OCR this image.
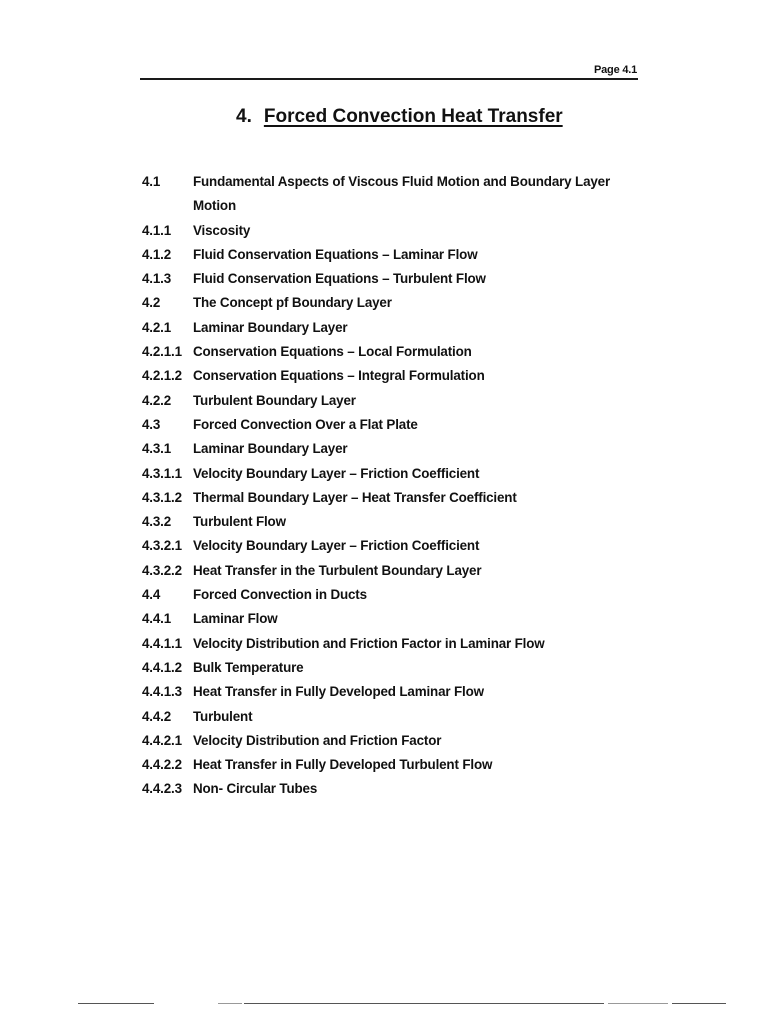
Page 4.1
4. Forced Convection Heat Transfer
4.1	Fundamental Aspects of Viscous Fluid Motion and Boundary Layer Motion
4.1.1	Viscosity
4.1.2	Fluid Conservation Equations – Laminar Flow
4.1.3	Fluid Conservation Equations – Turbulent Flow
4.2	The Concept pf Boundary Layer
4.2.1	Laminar Boundary Layer
4.2.1.1 Conservation Equations – Local Formulation
4.2.1.2 Conservation Equations – Integral Formulation
4.2.2	Turbulent Boundary Layer
4.3	Forced Convection Over a Flat Plate
4.3.1	Laminar Boundary Layer
4.3.1.1 Velocity Boundary Layer – Friction Coefficient
4.3.1.2 Thermal Boundary Layer – Heat Transfer Coefficient
4.3.2	Turbulent Flow
4.3.2.1 Velocity Boundary Layer – Friction Coefficient
4.3.2.2 Heat Transfer in the Turbulent Boundary Layer
4.4	Forced Convection in Ducts
4.4.1	Laminar Flow
4.4.1.1 Velocity Distribution and Friction Factor in Laminar Flow
4.4.1.2 Bulk Temperature
4.4.1.3 Heat Transfer in Fully Developed Laminar Flow
4.4.2	Turbulent
4.4.2.1 Velocity Distribution and Friction Factor
4.4.2.2 Heat Transfer in Fully Developed Turbulent Flow
4.4.2.3 Non- Circular Tubes
